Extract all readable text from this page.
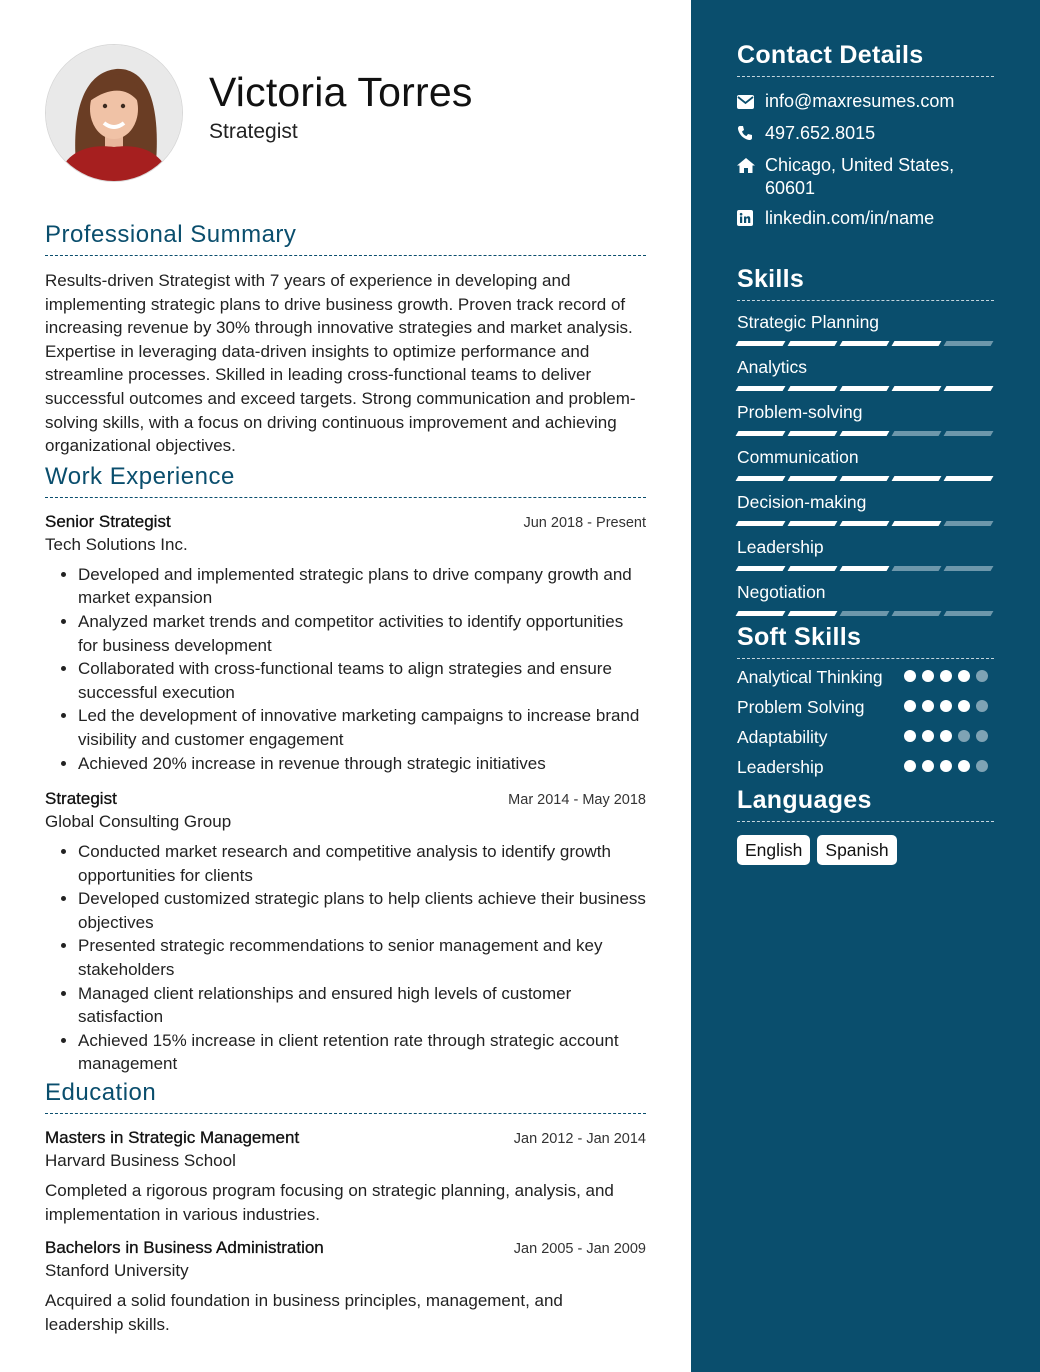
Victoria Torres
Strategist
Professional Summary
Results-driven Strategist with 7 years of experience in developing and implementing strategic plans to drive business growth. Proven track record of increasing revenue by 30% through innovative strategies and market analysis. Expertise in leveraging data-driven insights to optimize performance and streamline processes. Skilled in leading cross-functional teams to deliver successful outcomes and exceed targets. Strong communication and problem-solving skills, with a focus on driving continuous improvement and achieving organizational objectives.
Work Experience
Senior Strategist	Jun 2018 - Present
Tech Solutions Inc.
• Developed and implemented strategic plans to drive company growth and market expansion
• Analyzed market trends and competitor activities to identify opportunities for business development
• Collaborated with cross-functional teams to align strategies and ensure successful execution
• Led the development of innovative marketing campaigns to increase brand visibility and customer engagement
• Achieved 20% increase in revenue through strategic initiatives
Strategist	Mar 2014 - May 2018
Global Consulting Group
• Conducted market research and competitive analysis to identify growth opportunities for clients
• Developed customized strategic plans to help clients achieve their business objectives
• Presented strategic recommendations to senior management and key stakeholders
• Managed client relationships and ensured high levels of customer satisfaction
• Achieved 15% increase in client retention rate through strategic account management
Education
Masters in Strategic Management	Jan 2012 - Jan 2014
Harvard Business School
Completed a rigorous program focusing on strategic planning, analysis, and implementation in various industries.
Bachelors in Business Administration	Jan 2005 - Jan 2009
Stanford University
Acquired a solid foundation in business principles, management, and leadership skills.
Contact Details
info@maxresumes.com
497.652.8015
Chicago, United States, 60601
linkedin.com/in/name
Skills
Strategic Planning
Analytics
Problem-solving
Communication
Decision-making
Leadership
Negotiation
Soft Skills
Analytical Thinking
Problem Solving
Adaptability
Leadership
Languages
English	Spanish
